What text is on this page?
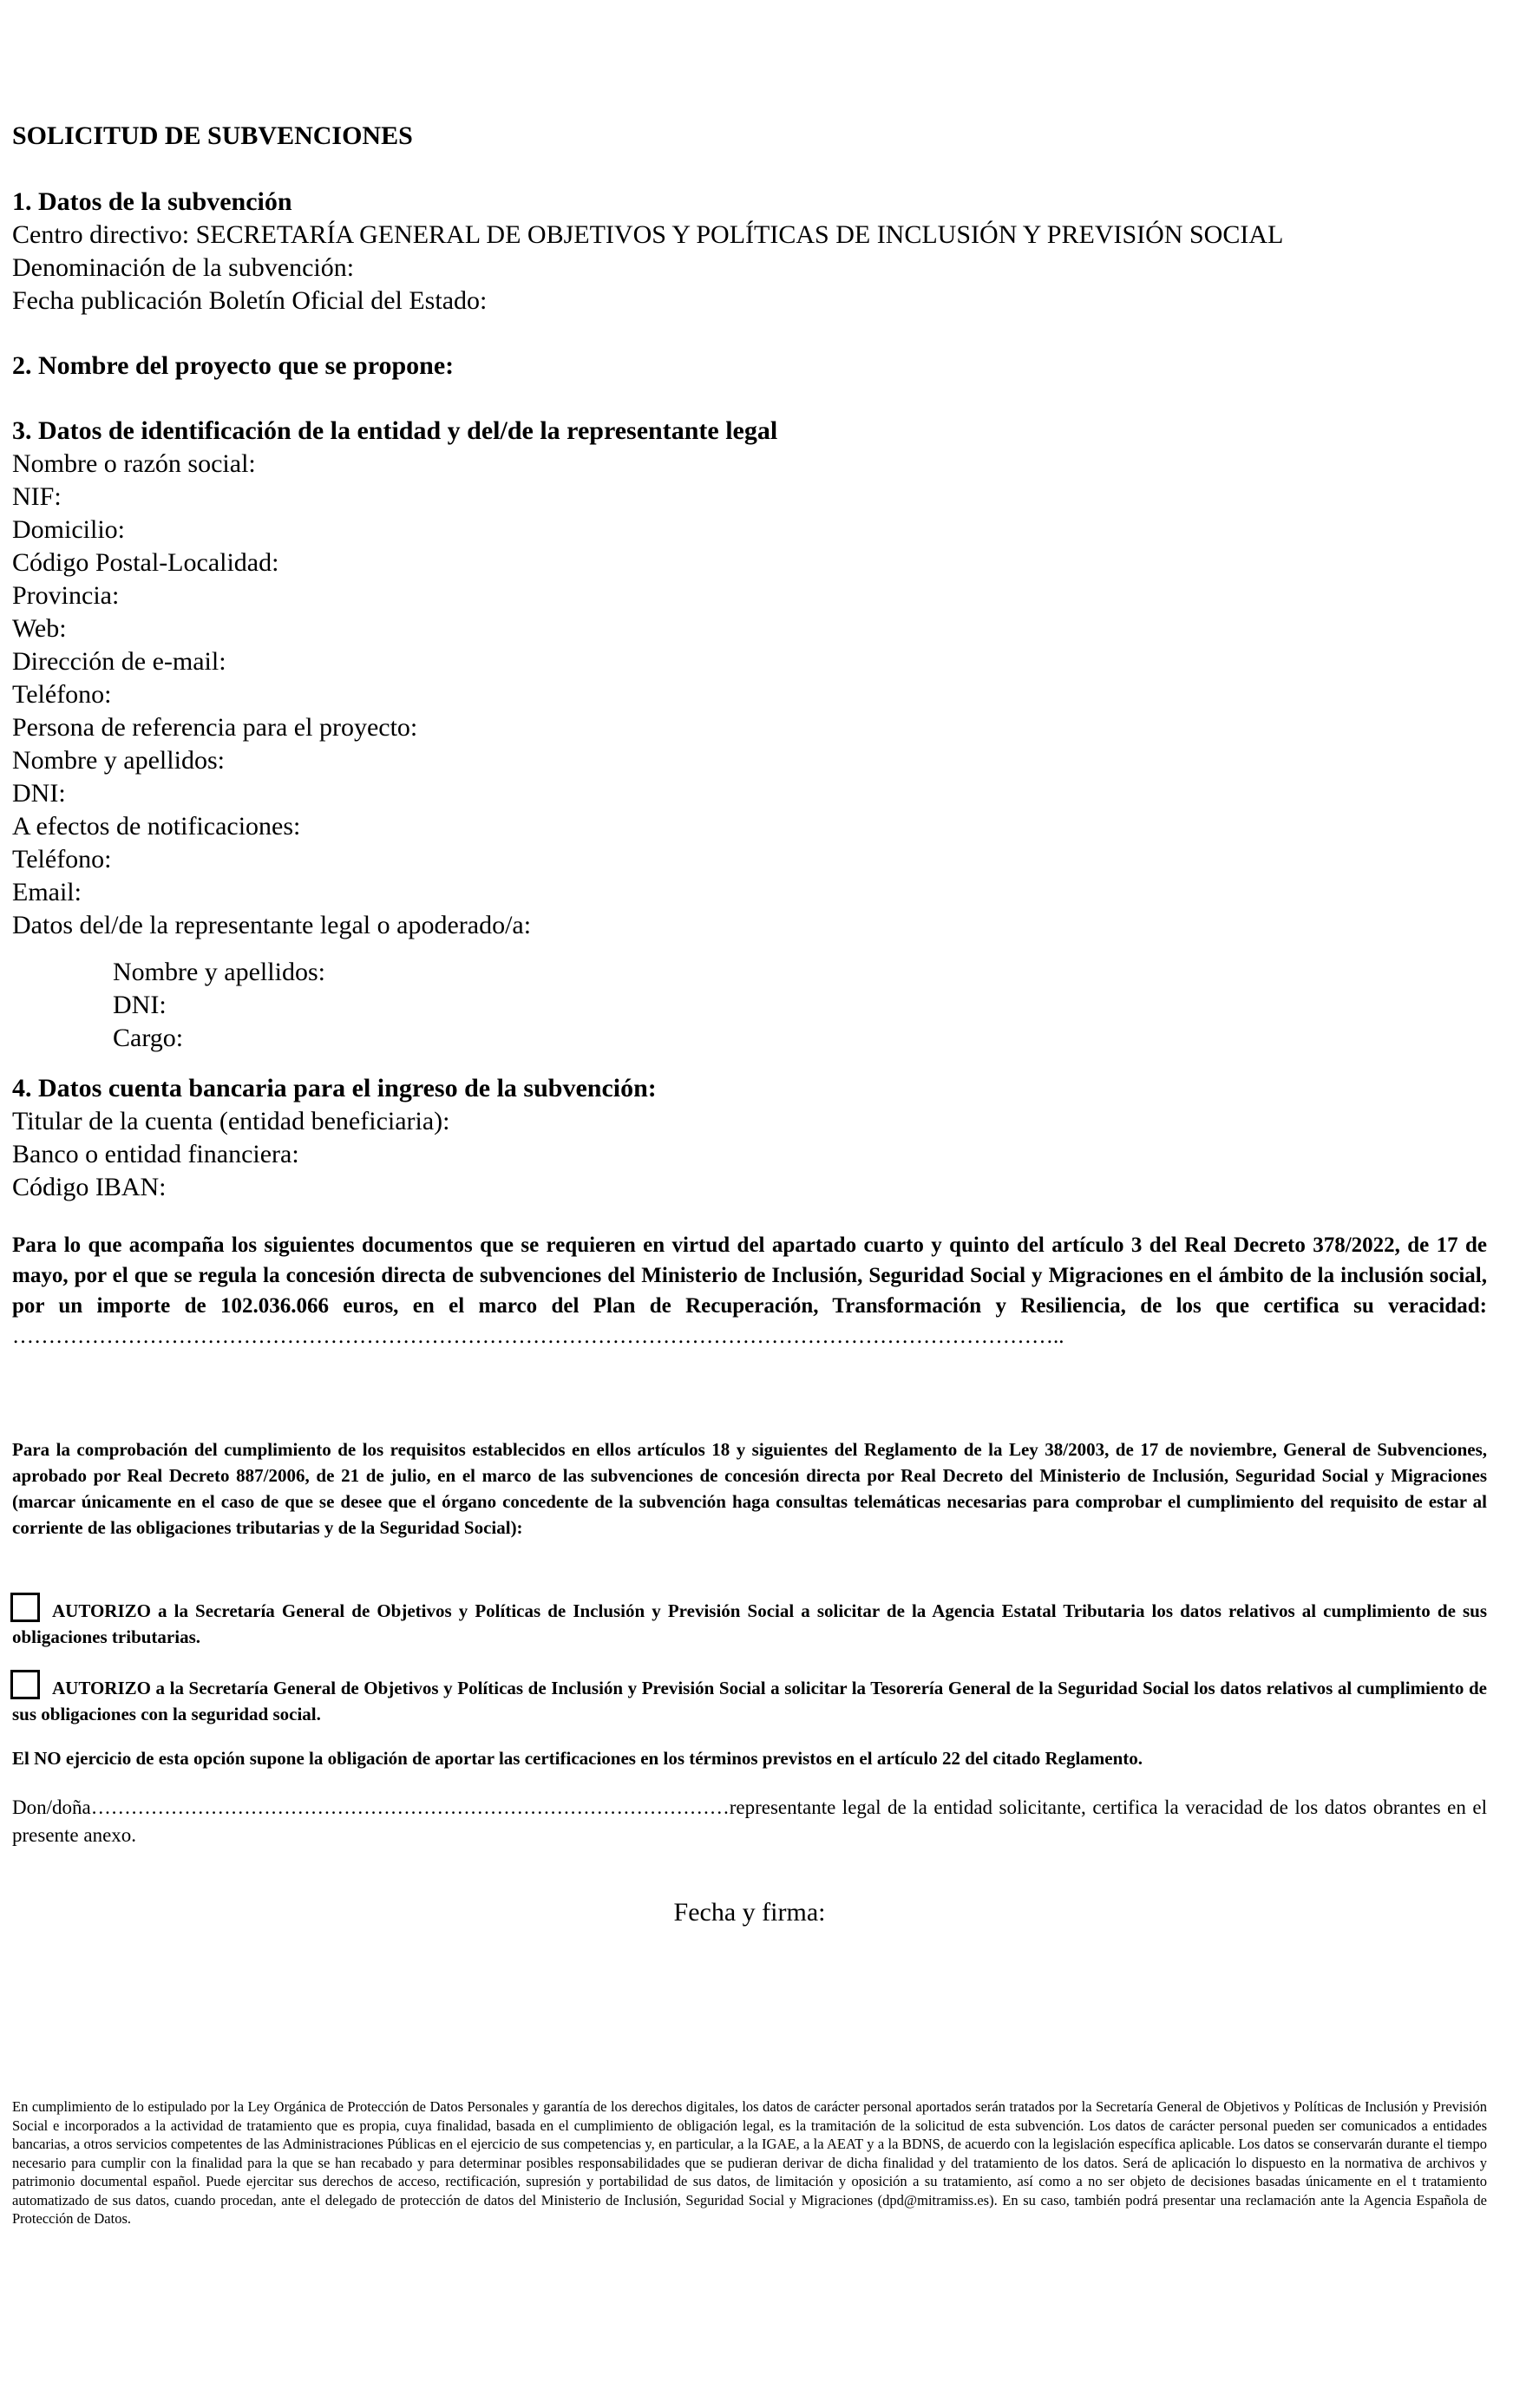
SOLICITUD DE SUBVENCIONES
1. Datos de la subvención
Centro directivo: SECRETARÍA GENERAL DE OBJETIVOS Y POLÍTICAS DE INCLUSIÓN Y PREVISIÓN SOCIAL
Denominación de la subvención:
Fecha publicación Boletín Oficial del Estado:
2. Nombre del proyecto que se propone:
3. Datos de identificación de la entidad y del/de la representante legal
Nombre o razón social:
NIF:
Domicilio:
Código Postal-Localidad:
Provincia:
Web:
Dirección de e-mail:
Teléfono:
Persona de referencia para el proyecto:
Nombre y apellidos:
DNI:
A efectos de notificaciones:
Teléfono:
Email:
Datos del/de la representante legal o apoderado/a:
Nombre y apellidos:
DNI:
Cargo:
4. Datos cuenta bancaria para el ingreso de la subvención:
Titular de la cuenta (entidad beneficiaria):
Banco o entidad financiera:
Código IBAN:
Para lo que acompaña los siguientes documentos que se requieren en virtud del apartado cuarto y quinto del artículo 3 del Real Decreto 378/2022, de 17 de mayo, por el que se regula la concesión directa de subvenciones del Ministerio de Inclusión, Seguridad Social y Migraciones en el ámbito de la inclusión social, por un importe de 102.036.066 euros, en el marco del Plan de Recuperación, Transformación y Resiliencia, de los que certifica su veracidad:
………………………………………………………………………………………………………………………………..
Para la comprobación del cumplimiento de los requisitos establecidos en ellos artículos 18 y siguientes del Reglamento de la Ley 38/2003, de 17 de noviembre, General de Subvenciones, aprobado por Real Decreto 887/2006, de 21 de julio, en el marco de las subvenciones de concesión directa por Real Decreto del Ministerio de Inclusión, Seguridad Social y Migraciones (marcar únicamente en el caso de que se desee que el órgano concedente de la subvención haga consultas telemáticas necesarias para comprobar el cumplimiento del requisito de estar al corriente de las obligaciones tributarias y de la Seguridad Social):
AUTORIZO a la Secretaría General de Objetivos y Políticas de Inclusión y Previsión Social a solicitar de la Agencia Estatal Tributaria los datos relativos al cumplimiento de sus obligaciones tributarias.
AUTORIZO a la Secretaría General de Objetivos y Políticas de Inclusión y Previsión Social a solicitar la Tesorería General de la Seguridad Social los datos relativos al cumplimiento de sus obligaciones con la seguridad social.
El NO ejercicio de esta opción supone la obligación de aportar las certificaciones en los términos previstos en el artículo 22 del citado Reglamento.
Don/doña……………………………………………………………………………………representante legal de la entidad solicitante, certifica la veracidad de los datos obrantes en el presente anexo.
Fecha y firma:
En cumplimiento de lo estipulado por la Ley Orgánica de Protección de Datos Personales y garantía de los derechos digitales, los datos de carácter personal aportados serán tratados por la Secretaría General de Objetivos y Políticas de Inclusión y Previsión Social e incorporados a la actividad de tratamiento que es propia, cuya finalidad, basada en el cumplimiento de obligación legal, es la tramitación de la solicitud de esta subvención. Los datos de carácter personal pueden ser comunicados a entidades bancarias, a otros servicios competentes de las Administraciones Públicas en el ejercicio de sus competencias y, en particular, a la IGAE, a la AEAT y a la BDNS, de acuerdo con la legislación específica aplicable. Los datos se conservarán durante el tiempo necesario para cumplir con la finalidad para la que se han recabado y para determinar posibles responsabilidades que se pudieran derivar de dicha finalidad y del tratamiento de los datos. Será de aplicación lo dispuesto en la normativa de archivos y patrimonio documental español. Puede ejercitar sus derechos de acceso, rectificación, supresión y portabilidad de sus datos, de limitación y oposición a su tratamiento, así como a no ser objeto de decisiones basadas únicamente en el t tratamiento automatizado de sus datos, cuando procedan, ante el delegado de protección de datos del Ministerio de Inclusión, Seguridad Social y Migraciones (dpd@mitramiss.es). En su caso, también podrá presentar una reclamación ante la Agencia Española de Protección de Datos.
